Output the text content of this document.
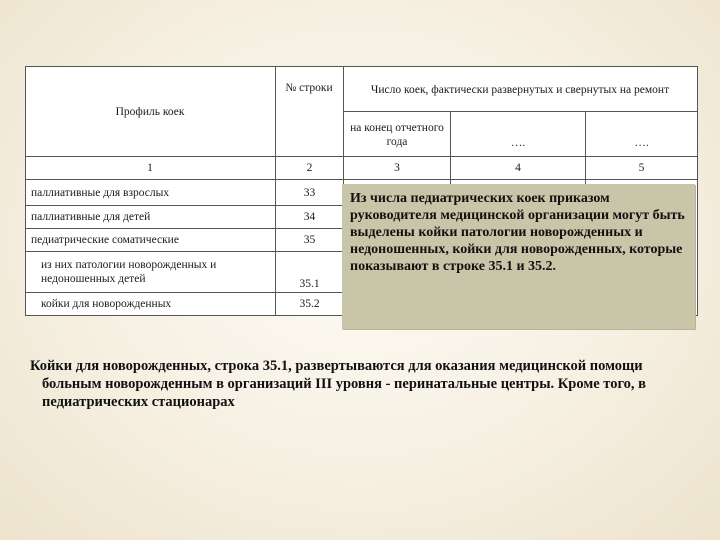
Профиль коек
№ строки	Число коек, фактически развернутых и свернутых на ремонт
на конец отчетного года	….	….
1	2	3	4	5
паллиативные для взрослых	33
паллиативные для детей	34
педиатрические соматические	35
из них патологии новорожденных и недоношенных детей	35.1
койки для новорожденных	35.2
Из числа педиатрических коек приказом руководителя медицинской организации могут быть выделены койки патологии новорожденных и недоношенных, койки для новорожденных, которые показывают в строке 35.1 и 35.2.
Койки для новорожденных, строка 35.1, развертываются для оказания медицинской помощи больным новорожденным в организаций III уровня - перинатальные центры. Кроме того, в педиатрических стационарах
